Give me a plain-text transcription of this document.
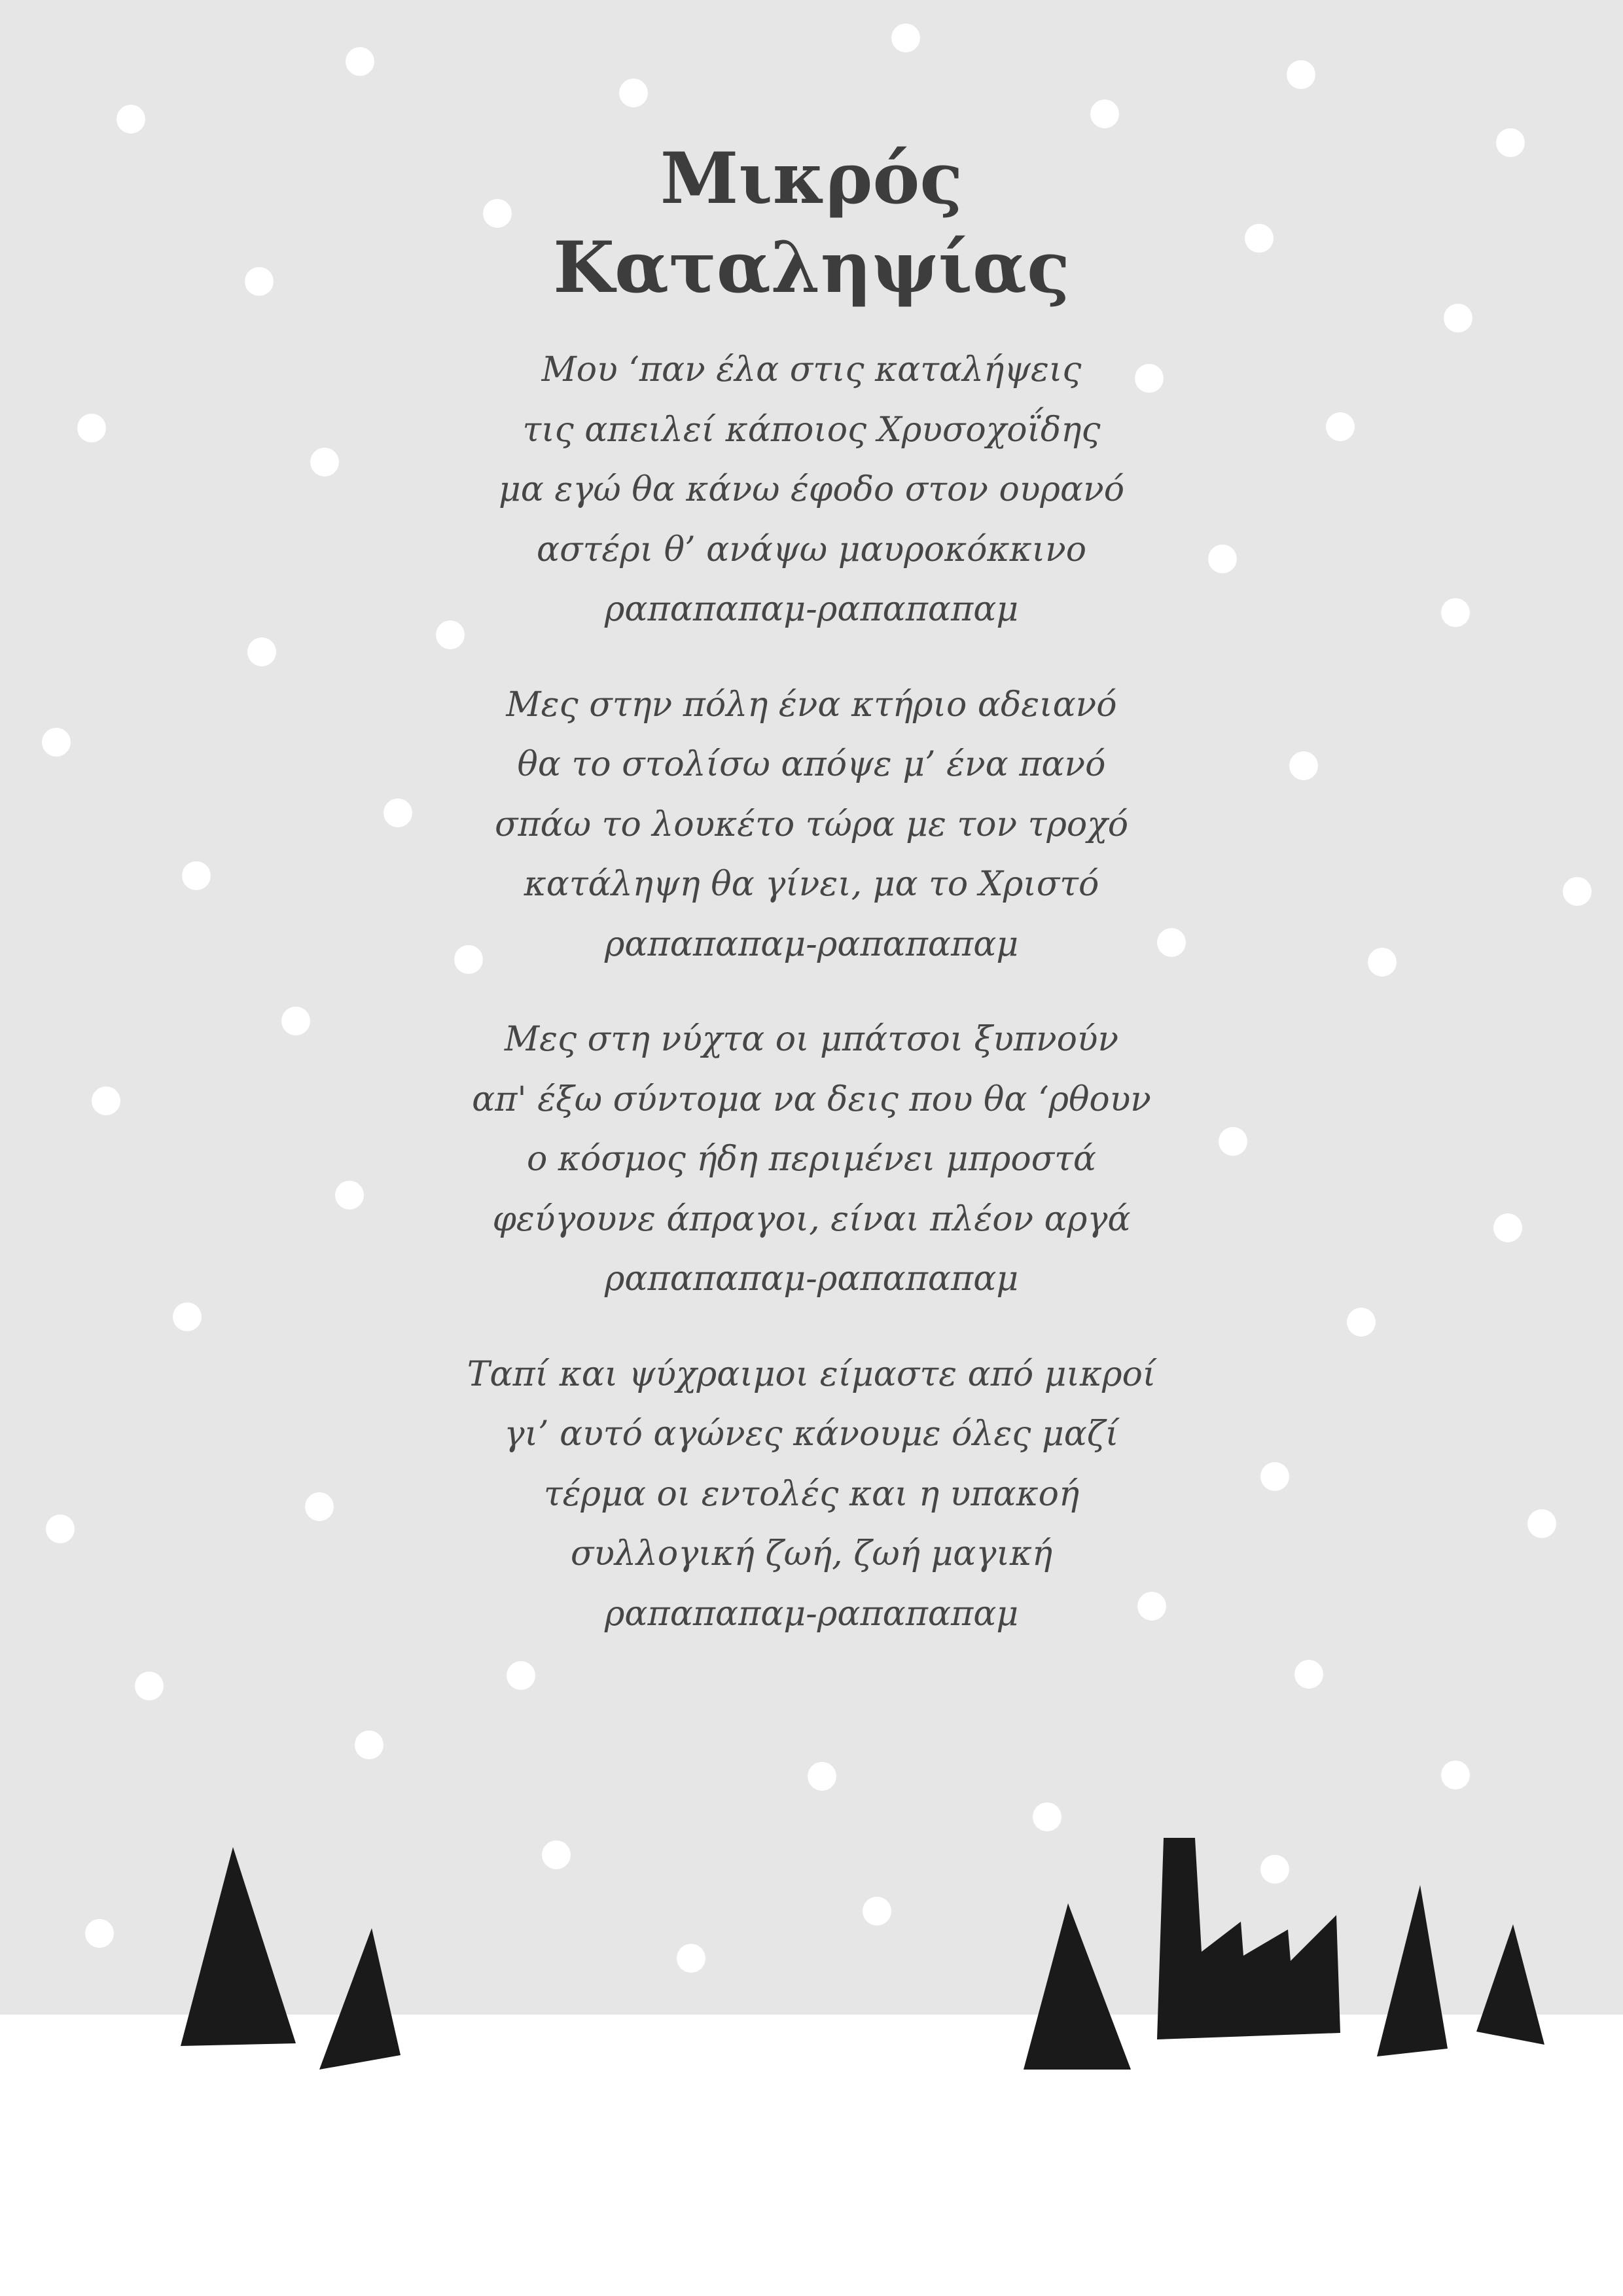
Μικρός
Καταληψίας

Μου ‘παν έλα στις καταλήψεις
τις απειλεί κάποιος Χρυσοχοΐδης
μα εγώ θα κάνω έφοδο στον ουρανό
αστέρι θ’ ανάψω μαυροκόκκινο
ραπαπαπαμ-ραπαπαπαμ

Μες στην πόλη ένα κτήριο αδειανό
θα το στολίσω απόψε μ’ ένα πανό
σπάω το λουκέτο τώρα με τον τροχό
κατάληψη θα γίνει, μα το Χριστό
ραπαπαπαμ-ραπαπαπαμ

Μες στη νύχτα οι μπάτσοι ξυπνούν
απ' έξω σύντομα να δεις που θα ‘ρθουν
ο κόσμος ήδη περιμένει μπροστά
φεύγουνε άπραγοι, είναι πλέον αργά
ραπαπαπαμ-ραπαπαπαμ

Ταπί και ψύχραιμοι είμαστε από μικροί
γι’ αυτό αγώνες κάνουμε όλες μαζί
τέρμα οι εντολές και η υπακοή
συλλογική ζωή, ζωή μαγική
ραπαπαπαμ-ραπαπαπαμ
